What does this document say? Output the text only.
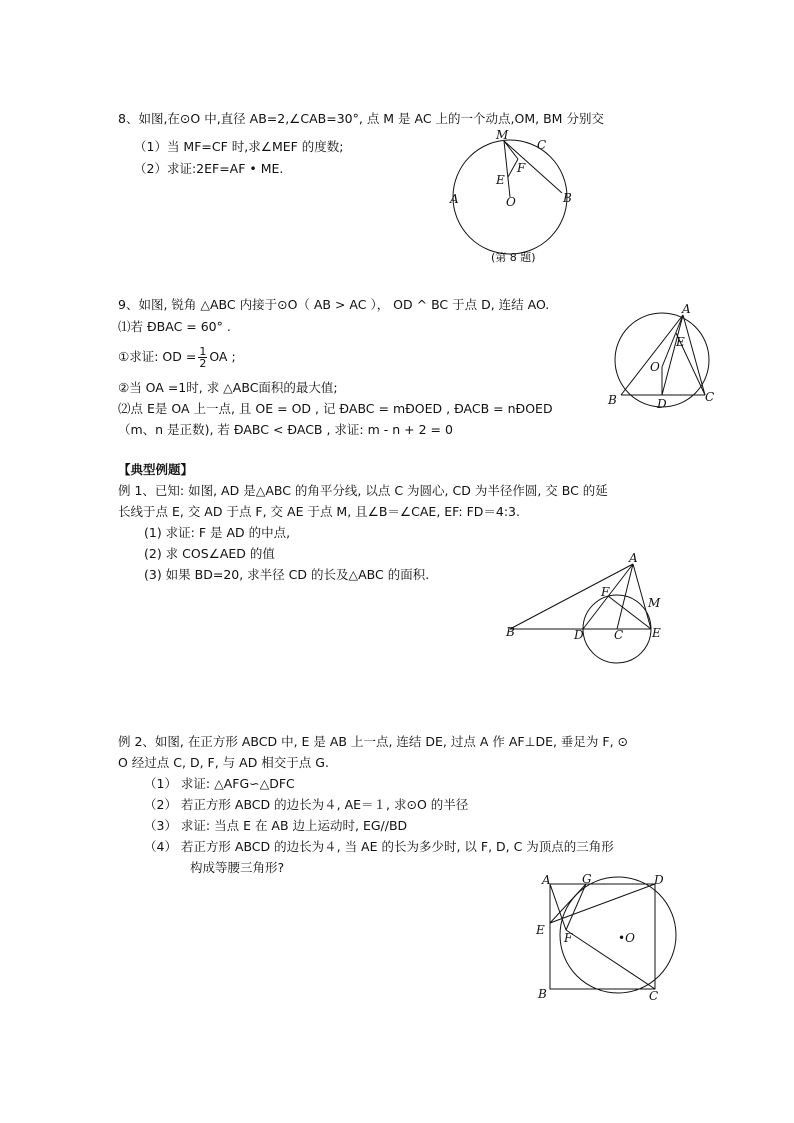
8、如图,在⊙O 中,直径 AB=2,∠CAB=30°, 点 M 是 AC 上的一个动点,OM, BM 分别交
（1）当 MF=CF 时,求∠MEF 的度数;
（2）求证:2EF=AF • ME.
M
C
E
F
O
A	B
(第 8 题)
9、如图, 锐角 △ABC 内接于⊙O（ AB > AC ）， OD ^ BC 于点 D, 连结 AO.
⑴若 ÐBAC = 60° .
①求证: OD = $\frac{1}{2}$ OA ;
②当 OA =1时, 求 △ABC面积的最大值;
⑵点 E是 OA 上一点, 且 OE = OD , 记 ÐABC = mÐOED , ÐACB = nÐOED
（m、n 是正数), 若 ÐABC < ÐACB , 求证: m - n + 2 = 0
A
E
O
B	D	C
【典型例题】
例 1、已知: 如图, AD 是△ABC 的角平分线, 以点 C 为圆心, CD 为半径作圆, 交 BC 的延
长线于点 E, 交 AD 于点 F, 交 AE 于点 M, 且∠B＝∠CAE, EF: FD＝4:3.
(1) 求证: F 是 AD 的中点,
(2) 求 COS∠AED 的值
(3) 如果 BD=20, 求半径 CD 的长及△ABC 的面积.
A
F
M
B	D	C E
例 2、如图, 在正方形 ABCD 中, E 是 AB 上一点, 连结 DE, 过点 A 作 AF⊥DE, 垂足为 F, ⊙
O 经过点 C, D, F, 与 AD 相交于点 G.
（1） 求证: △AFG∽△DFC
（2） 若正方形 ABCD 的边长为４, AE＝１, 求⊙O 的半径
（3） 求证: 当点 E 在 AB 边上运动时, EG//BD
（4） 若正方形 ABCD 的边长为４, 当 AE 的长为多少时, 以 F, D, C 为顶点的三角形
构成等腰三角形?
A	G	D
E
F	•O
B	C
